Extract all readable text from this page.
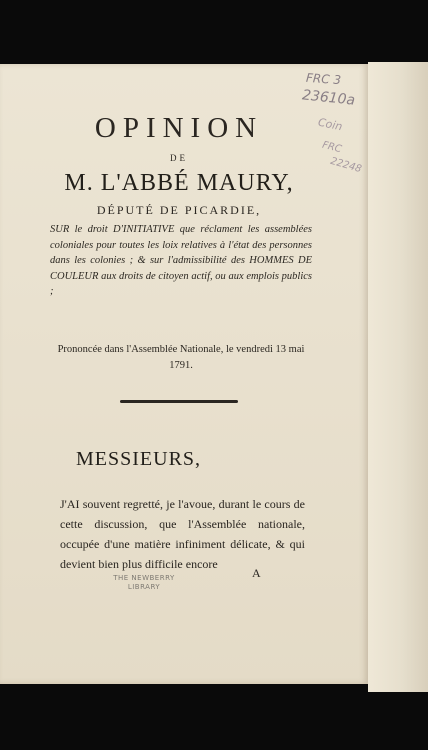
FRC 3
23610a
Coin
FRC
22248
OPINION
DE
M. L'ABBÉ MAURY,
DÉPUTÉ DE PICARDIE,
SUR le droit D'INITIATIVE que réclament les assemblées coloniales pour toutes les loix relatives à l'état des personnes dans les colonies ; & sur l'admissibilité des HOMMES DE COULEUR aux droits de citoyen actif, ou aux emplois publics ;
Prononcée dans l'Assemblée Nationale, le vendredi 13 mai 1791.
MESSIEURS,
J'AI souvent regretté, je l'avoue, durant le cours de cette discussion, que l'Assemblée nationale, occupée d'une matière infiniment délicate, & qui devient bien plus difficile encore
THE NEWBERRY
LIBRARY
A
